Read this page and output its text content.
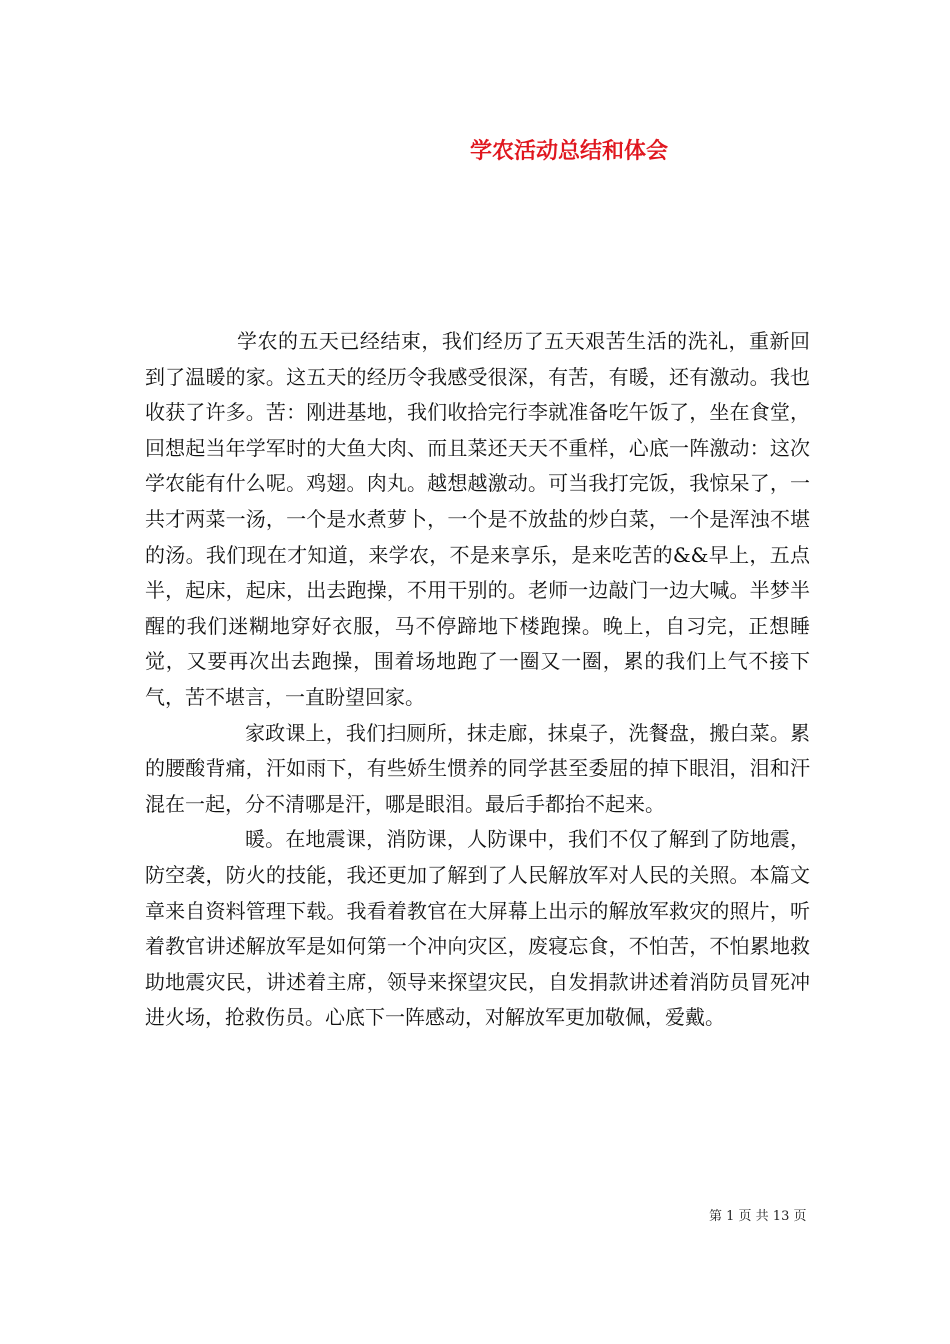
学农活动总结和体会

学农的五天已经结束，我们经历了五天艰苦生活的洗礼，重新回到了温暖的家。这五天的经历令我感受很深，有苦，有暖，还有激动。我也收获了许多。苦：刚进基地，我们收拾完行李就准备吃午饭了，坐在食堂，回想起当年学军时的大鱼大肉、而且菜还天天不重样，心底一阵激动：这次学农能有什么呢。鸡翅。肉丸。越想越激动。可当我打完饭，我惊呆了，一共才两菜一汤，一个是水煮萝卜，一个是不放盐的炒白菜，一个是浑浊不堪的汤。我们现在才知道，来学农，不是来享乐，是来吃苦的&&早上，五点半，起床，起床，出去跑操，不用干别的。老师一边敲门一边大喊。半梦半醒的我们迷糊地穿好衣服，马不停蹄地下楼跑操。晚上，自习完，正想睡觉，又要再次出去跑操，围着场地跑了一圈又一圈，累的我们上气不接下气，苦不堪言，一直盼望回家。

家政课上，我们扫厕所，抹走廊，抹桌子，洗餐盘，搬白菜。累的腰酸背痛，汗如雨下，有些娇生惯养的同学甚至委屈的掉下眼泪，泪和汗混在一起，分不清哪是汗，哪是眼泪。最后手都抬不起来。

暖。在地震课，消防课，人防课中，我们不仅了解到了防地震，防空袭，防火的技能，我还更加了解到了人民解放军对人民的关照。本篇文章来自资料管理下载。我看着教官在大屏幕上出示的解放军救灾的照片，听着教官讲述解放军是如何第一个冲向灾区，废寝忘食，不怕苦，不怕累地救助地震灾民，讲述着主席，领导来探望灾民，自发捐款讲述着消防员冒死冲进火场，抢救伤员。心底下一阵感动，对解放军更加敬佩，爱戴。

第 1 页 共 13 页
